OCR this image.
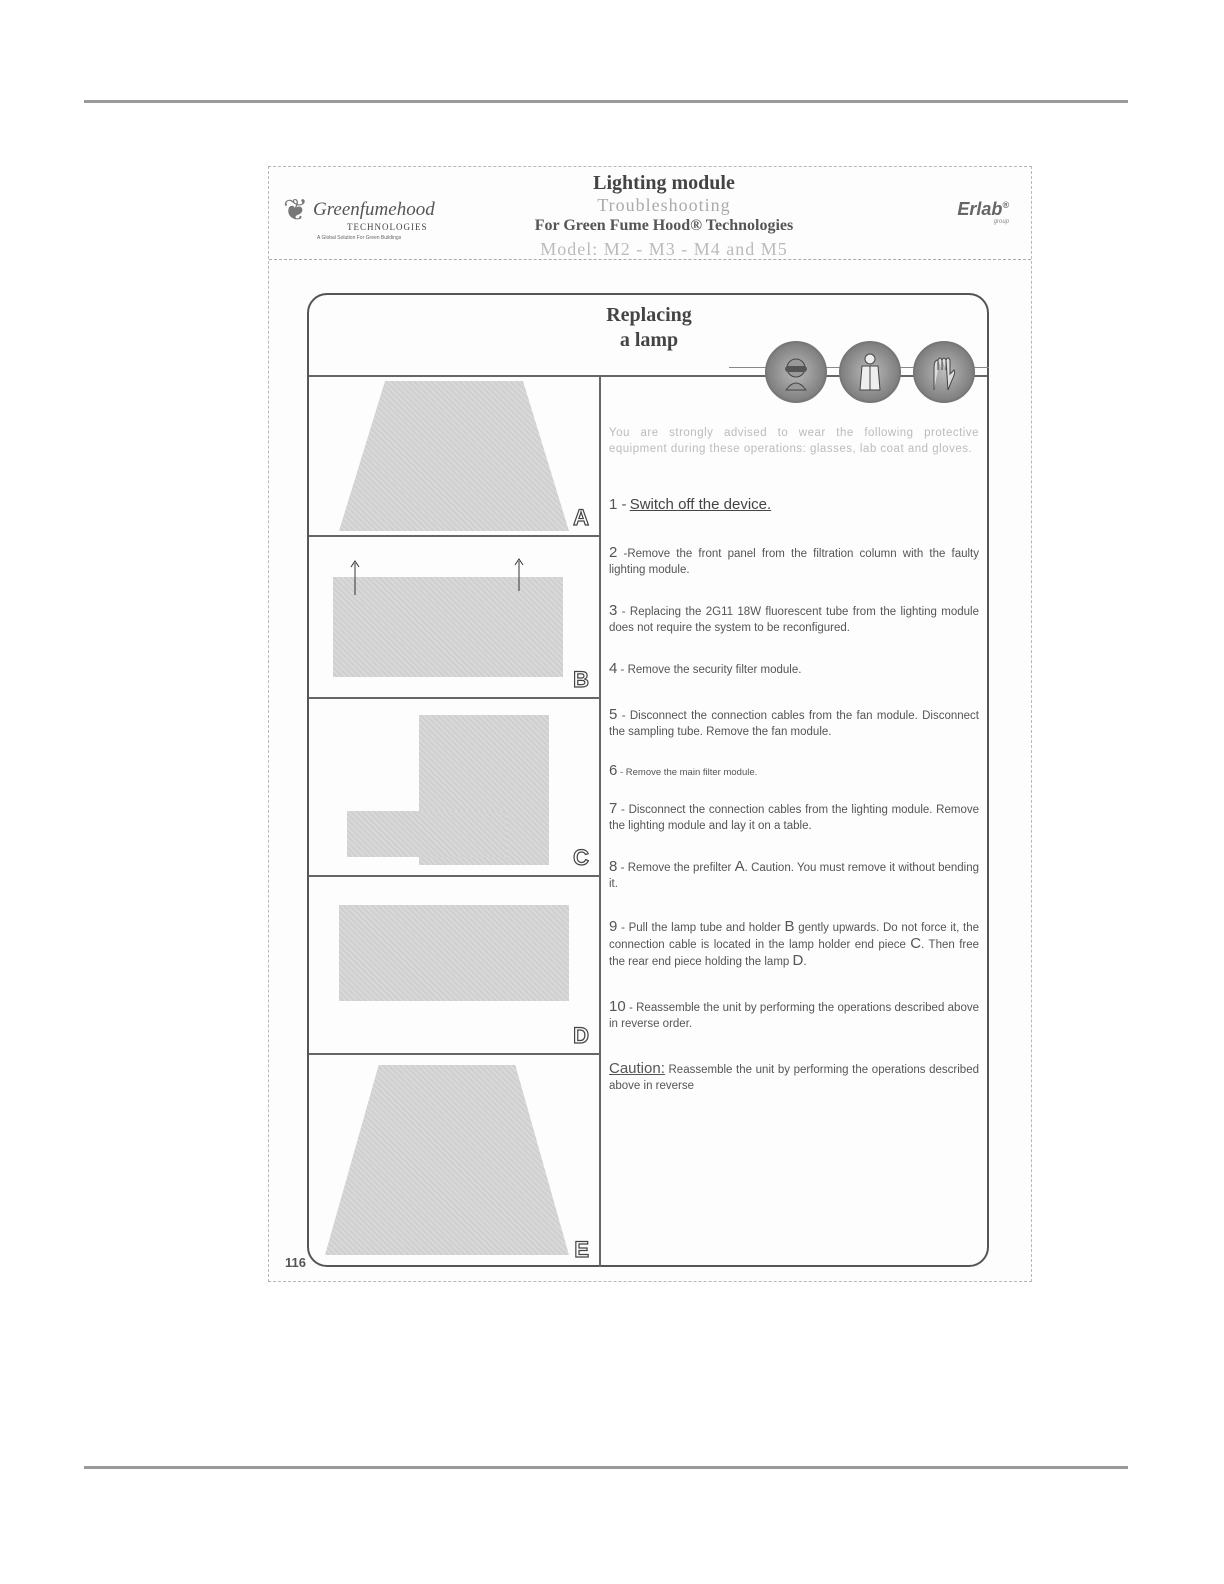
❦ Greenfumehood
TECHNOLOGIES
A Global Solution For Green Buildings
Lighting module
Troubleshooting
For Green Fume Hood® Technologies
Model: M2 - M3 - M4 and M5
Erlab®
group
Replacing
a lamp
A
B
C
D
E

You are strongly advised to wear the following protective equipment during these operations: glasses, lab coat and gloves.

1 - Switch off the device.

2 -Remove the front panel from the filtration column with the faulty lighting module.

3 - Replacing the 2G11 18W fluorescent tube from the lighting module does not require the system to be reconfigured.

4 - Remove the security filter module.

5 - Disconnect the connection cables from the fan module. Disconnect the sampling tube. Remove the fan module.

6 - Remove the main filter module.

7 - Disconnect the connection cables from the lighting module. Remove the lighting module and lay it on a table.

8 - Remove the prefilter A. Caution. You must remove it without bending it.

9 - Pull the lamp tube and holder B gently upwards. Do not force it, the connection cable is located in the lamp holder end piece C. Then free the rear end piece holding the lamp D.

10 - Reassemble the unit by performing the operations described above in reverse order.

Caution: Reassemble the unit by performing the operations described above in reverse

116
